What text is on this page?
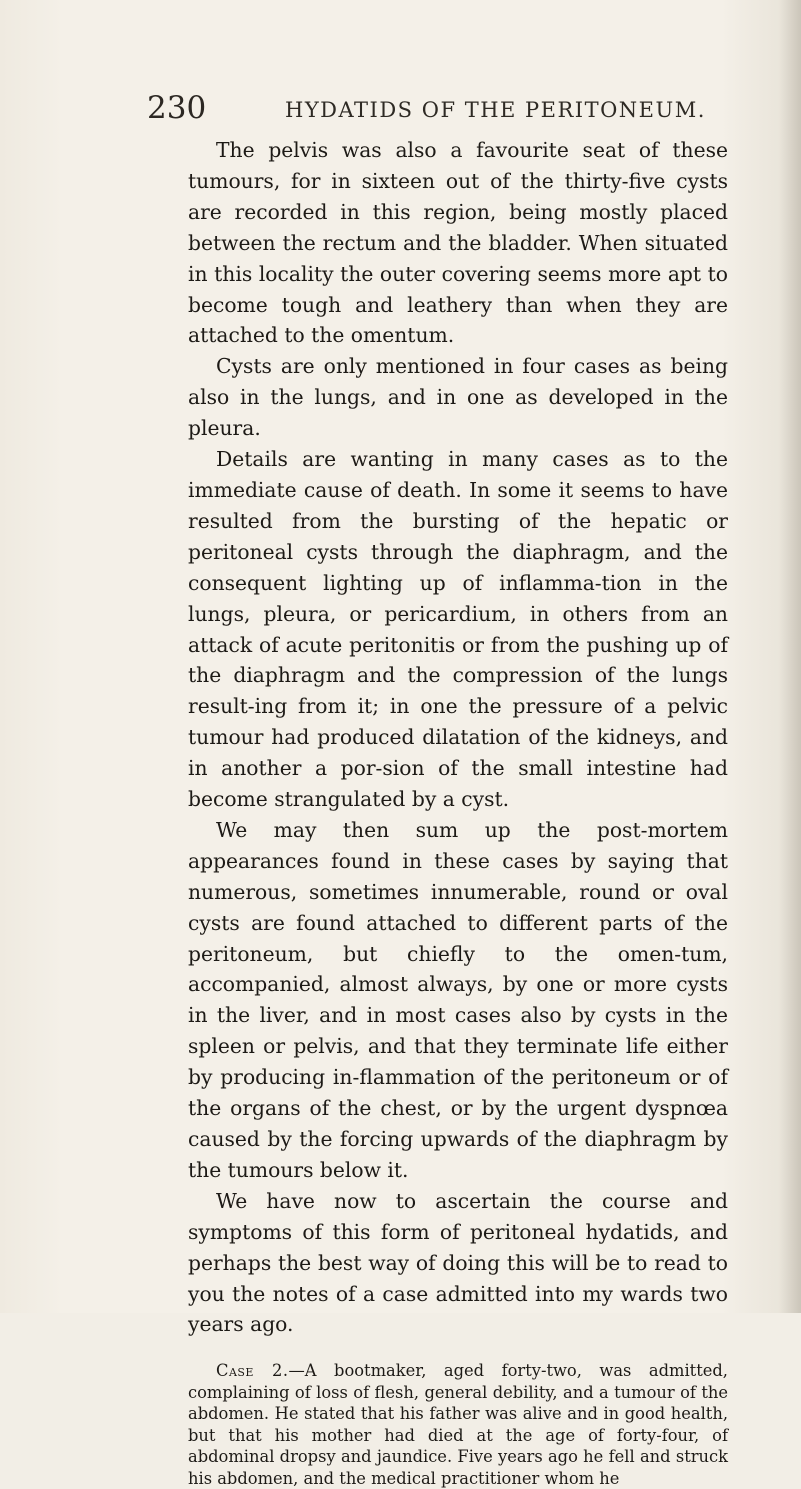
230	HYDATIDS OF THE PERITONEUM.

The pelvis was also a favourite seat of these tumours, for in sixteen out of the thirty-five cysts are recorded in this region, being mostly placed between the rectum and the bladder. When situated in this locality the outer covering seems more apt to become tough and leathery than when they are attached to the omentum.

Cysts are only mentioned in four cases as being also in the lungs, and in one as developed in the pleura.

Details are wanting in many cases as to the immediate cause of death. In some it seems to have resulted from the bursting of the hepatic or peritoneal cysts through the diaphragm, and the consequent lighting up of inflamma-tion in the lungs, pleura, or pericardium, in others from an attack of acute peritonitis or from the pushing up of the diaphragm and the compression of the lungs result-ing from it; in one the pressure of a pelvic tumour had produced dilatation of the kidneys, and in another a por-sion of the small intestine had become strangulated by a cyst.

We may then sum up the post-mortem appearances found in these cases by saying that numerous, sometimes innumerable, round or oval cysts are found attached to different parts of the peritoneum, but chiefly to the omen-tum, accompanied, almost always, by one or more cysts in the liver, and in most cases also by cysts in the spleen or pelvis, and that they terminate life either by producing in-flammation of the peritoneum or of the organs of the chest, or by the urgent dyspnœa caused by the forcing upwards of the diaphragm by the tumours below it.

We have now to ascertain the course and symptoms of this form of peritoneal hydatids, and perhaps the best way of doing this will be to read to you the notes of a case admitted into my wards two years ago.

Case 2.—A bootmaker, aged forty-two, was admitted, complaining of loss of flesh, general debility, and a tumour of the abdomen. He stated that his father was alive and in good health, but that his mother had died at the age of forty-four, of abdominal dropsy and jaundice. Five years ago he fell and struck his abdomen, and the medical practitioner whom he
